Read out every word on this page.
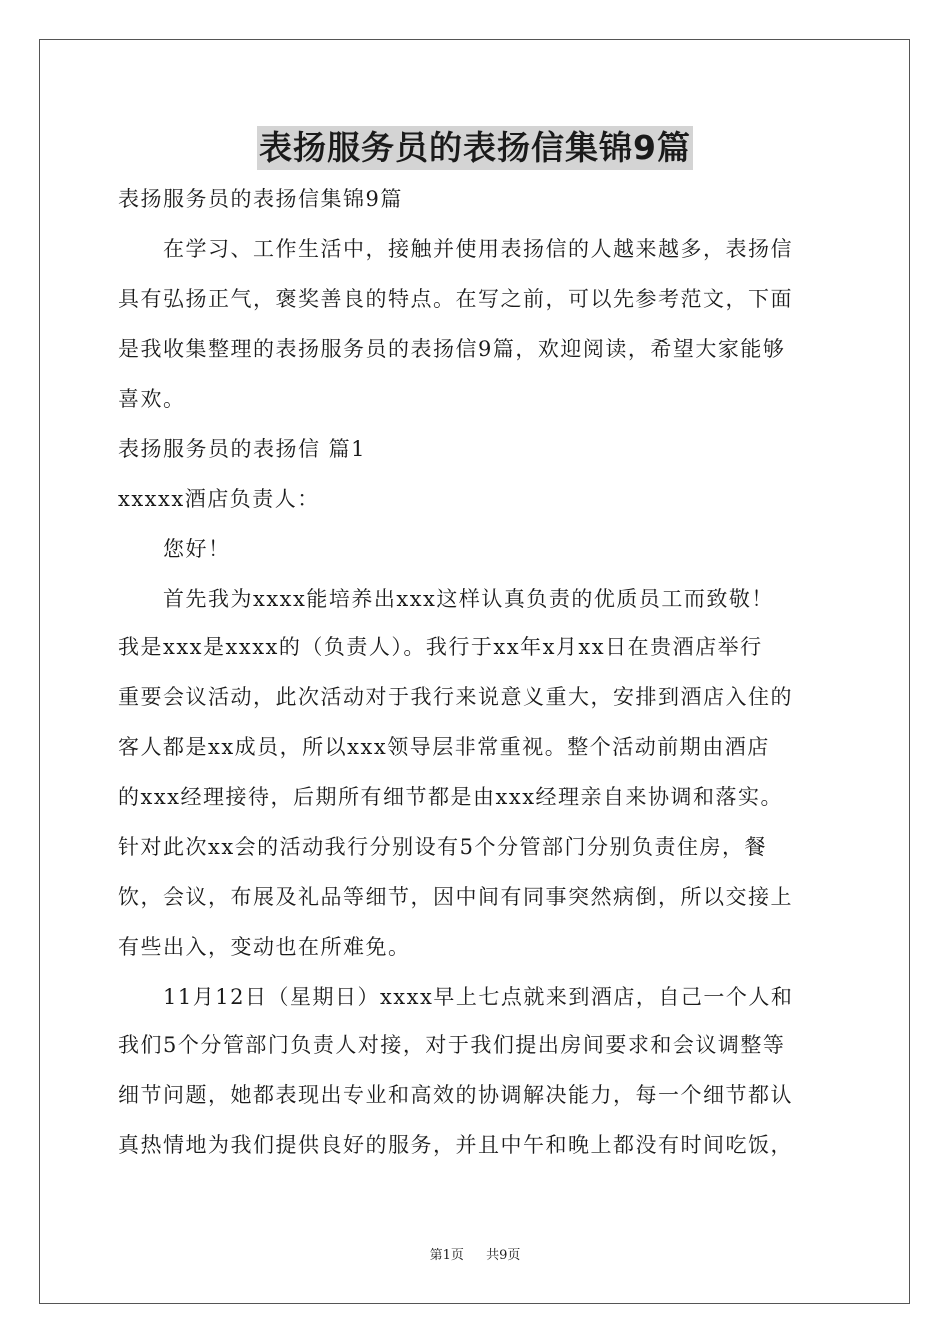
表扬服务员的表扬信集锦9篇
表扬服务员的表扬信集锦9篇
在学习、工作生活中，接触并使用表扬信的人越来越多，表扬信
具有弘扬正气，褒奖善良的特点。在写之前，可以先参考范文，下面
是我收集整理的表扬服务员的表扬信9篇，欢迎阅读，希望大家能够
喜欢。
表扬服务员的表扬信 篇1
xxxxx酒店负责人：
您好！
首先我为xxxx能培养出xxx这样认真负责的优质员工而致敬！
我是xxx是xxxx的（负责人）。我行于xx年x月xx日在贵酒店举行
重要会议活动，此次活动对于我行来说意义重大，安排到酒店入住的
客人都是xx成员，所以xxx领导层非常重视。整个活动前期由酒店
的xxx经理接待，后期所有细节都是由xxx经理亲自来协调和落实。
针对此次xx会的活动我行分别设有5个分管部门分别负责住房，餐
饮，会议，布展及礼品等细节，因中间有同事突然病倒，所以交接上
有些出入，变动也在所难免。
11月12日（星期日）xxxx早上七点就来到酒店，自己一个人和
我们5个分管部门负责人对接，对于我们提出房间要求和会议调整等
细节问题，她都表现出专业和高效的协调解决能力，每一个细节都认
真热情地为我们提供良好的服务，并且中午和晚上都没有时间吃饭，
第1页 共9页
